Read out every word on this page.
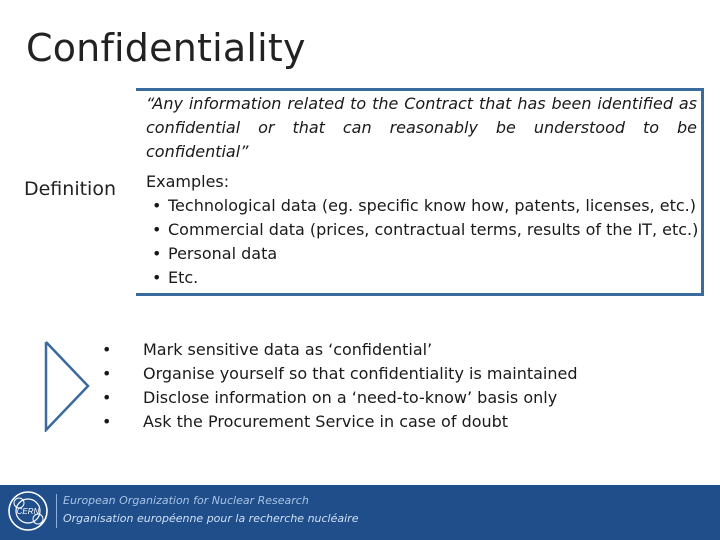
Confidentiality
Definition
“Any information related to the Contract that has been identified as confidential or that can reasonably be understood to be confidential”
Examples:
• Technological data (eg. specific know how, patents, licenses, etc.)
• Commercial data (prices, contractual terms, results of the IT, etc.)
• Personal data
• Etc.
•
•
•
•
Mark sensitive data as ‘confidential’
Organise yourself so that confidentiality is maintained
Disclose information on a ‘need-to-know’ basis only
Ask the Procurement Service in case of doubt
CERN
European Organization for Nuclear Research
Organisation européenne pour la recherche nucléaire
